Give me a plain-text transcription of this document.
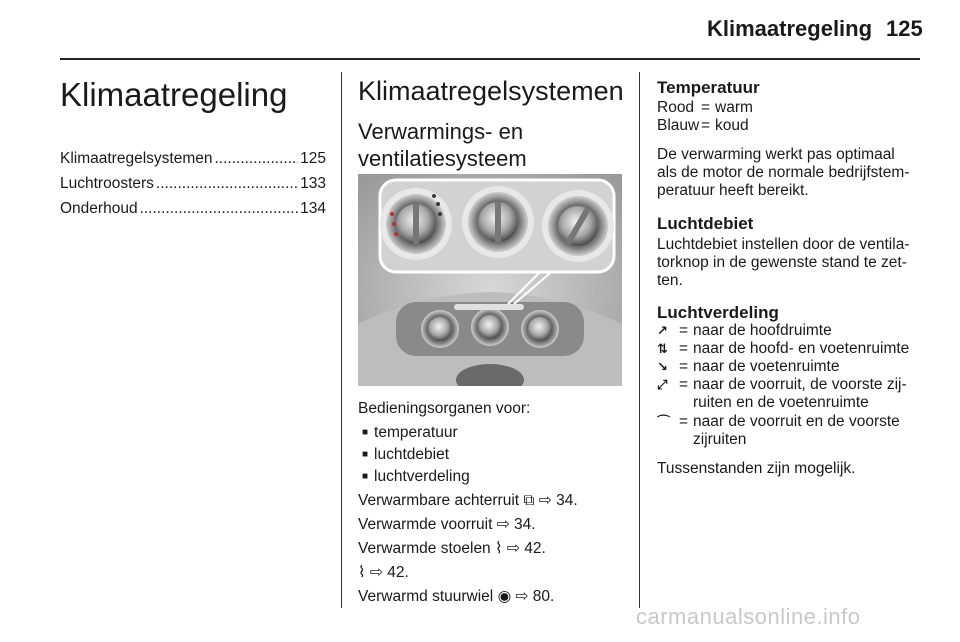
Klimaatregeling 125
Klimaatregeling
Klimaatregelsystemen .....	125
Luchtroosters .....	133
Onderhoud .....	134
Klimaatregelsystemen
Verwarmings- en
ventilatiesysteem
Bedieningsorganen voor:
■ temperatuur
■ luchtdebiet
■ luchtverdeling
Verwarmbare achterruit ⧉ ⇨ 34.
Verwarmde voorruit ⇨ 34.
Verwarmde stoelen ⌇ ⇨ 42.
⌇ ⇨ 42.
Verwarmd stuurwiel ◉ ⇨ 80.
Temperatuur
Rood = warm
Blauw = koud
De verwarming werkt pas optimaal
als de motor de normale bedrijfstem-
peratuur heeft bereikt.
Luchtdebiet
Luchtdebiet instellen door de ventila-
torknop in de gewenste stand te zet-
ten.
Luchtverdeling
↗ = naar de hoofdruimte
⇅ = naar de hoofd- en voetenruimte
↘ = naar de voetenruimte
⤢ = naar de voorruit, de voorste zij-
ruiten en de voetenruimte
⌒ = naar de voorruit en de voorste
zijruiten
Tussenstanden zijn mogelijk.
carmanualsonline.info
